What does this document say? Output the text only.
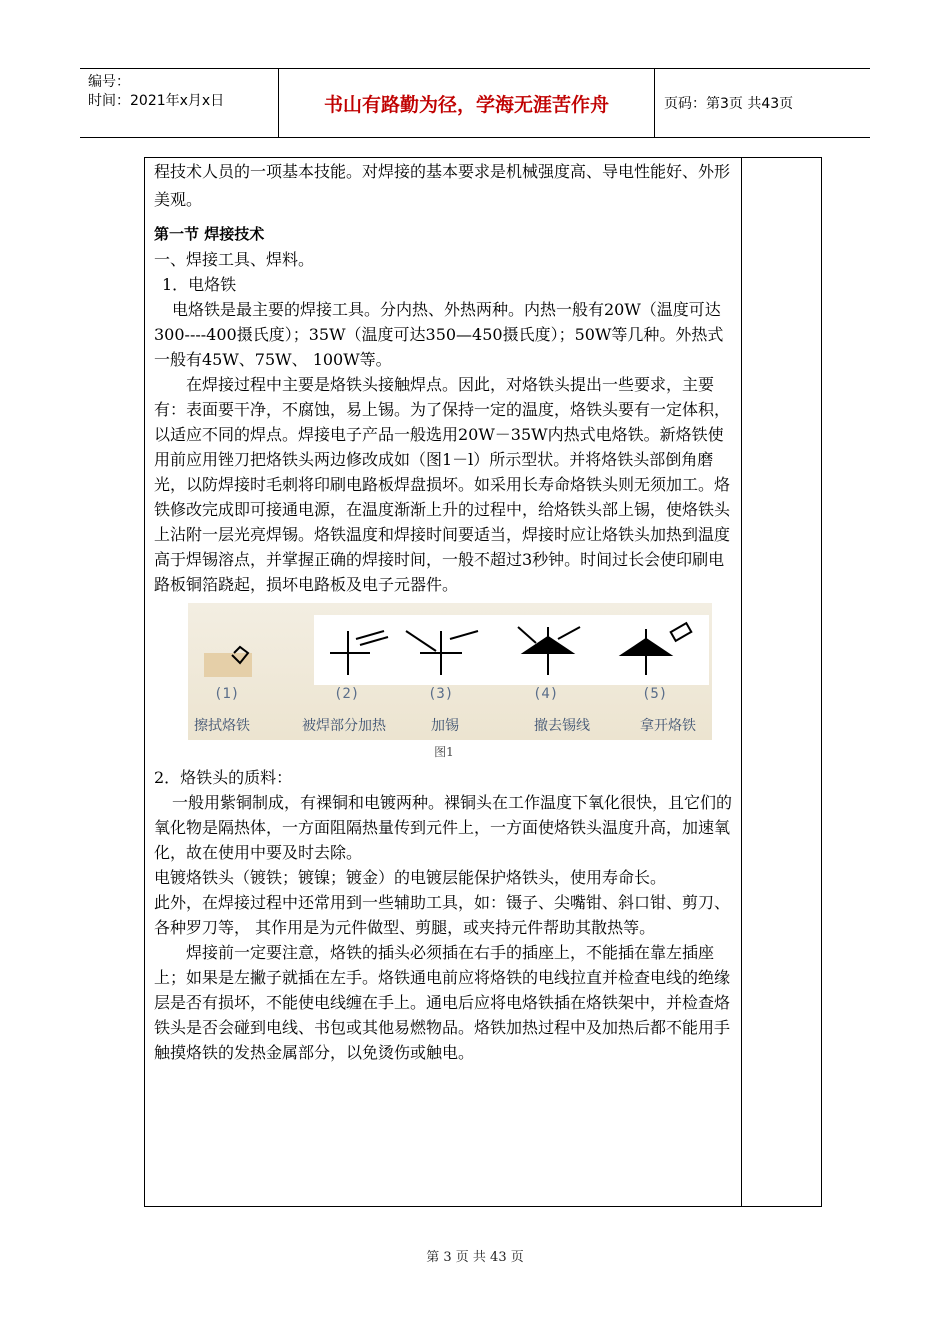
编号：
时间：2021年x月x日	书山有路勤为径，学海无涯苦作舟	页码：第3页 共43页

程技术人员的一项基本技能。对焊接的基本要求是机械强度高、导电性能好、外形美观。

第一节 焊接技术

一、焊接工具、焊料。

1．电烙铁

电烙铁是最主要的焊接工具。分内热、外热两种。内热一般有20W（温度可达300----400摄氏度）；35W（温度可达350—450摄氏度）；50W等几种。外热式一般有45W、75W、 100W等。

在焊接过程中主要是烙铁头接触焊点。因此，对烙铁头提出一些要求，主要有：表面要干净，不腐蚀，易上锡。为了保持一定的温度，烙铁头要有一定体积，以适应不同的焊点。焊接电子产品一般选用20W－35W内热式电烙铁。新烙铁使用前应用锉刀把烙铁头两边修改成如（图1－l）所示型状。并将烙铁头部倒角磨光，以防焊接时毛刺将印刷电路板焊盘损坏。如采用长寿命烙铁头则无须加工。烙铁修改完成即可接通电源，在温度渐渐上升的过程中，给烙铁头部上锡，使烙铁头上沾附一层光亮焊锡。烙铁温度和焊接时间要适当，焊接时应让烙铁头加热到温度高于焊锡溶点，并掌握正确的焊接时间，一般不超过3秒钟。时间过长会使印刷电路板铜箔跷起，损坏电路板及电子元器件。

(1)	(2)	(3)	(4)	(5)
擦拭烙铁	被焊部分加热	加锡	撤去锡线	拿开烙铁

图1

2．烙铁头的质料：

一般用紫铜制成，有裸铜和电镀两种。裸铜头在工作温度下氧化很快，且它们的氧化物是隔热体，一方面阻隔热量传到元件上，一方面使烙铁头温度升高，加速氧化，故在使用中要及时去除。

电镀烙铁头（镀铁；镀镍；镀金）的电镀层能保护烙铁头，使用寿命长。

此外，在焊接过程中还常用到一些辅助工具，如：镊子、尖嘴钳、斜口钳、剪刀、各种罗刀等， 其作用是为元件做型、剪腿，或夹持元件帮助其散热等。

焊接前一定要注意，烙铁的插头必须插在右手的插座上，不能插在靠左插座上；如果是左撇子就插在左手。烙铁通电前应将烙铁的电线拉直并检查电线的绝缘层是否有损坏，不能使电线缠在手上。通电后应将电烙铁插在烙铁架中，并检查烙铁头是否会碰到电线、书包或其他易燃物品。烙铁加热过程中及加热后都不能用手触摸烙铁的发热金属部分，以免烫伤或触电。

第 3 页 共 43 页
